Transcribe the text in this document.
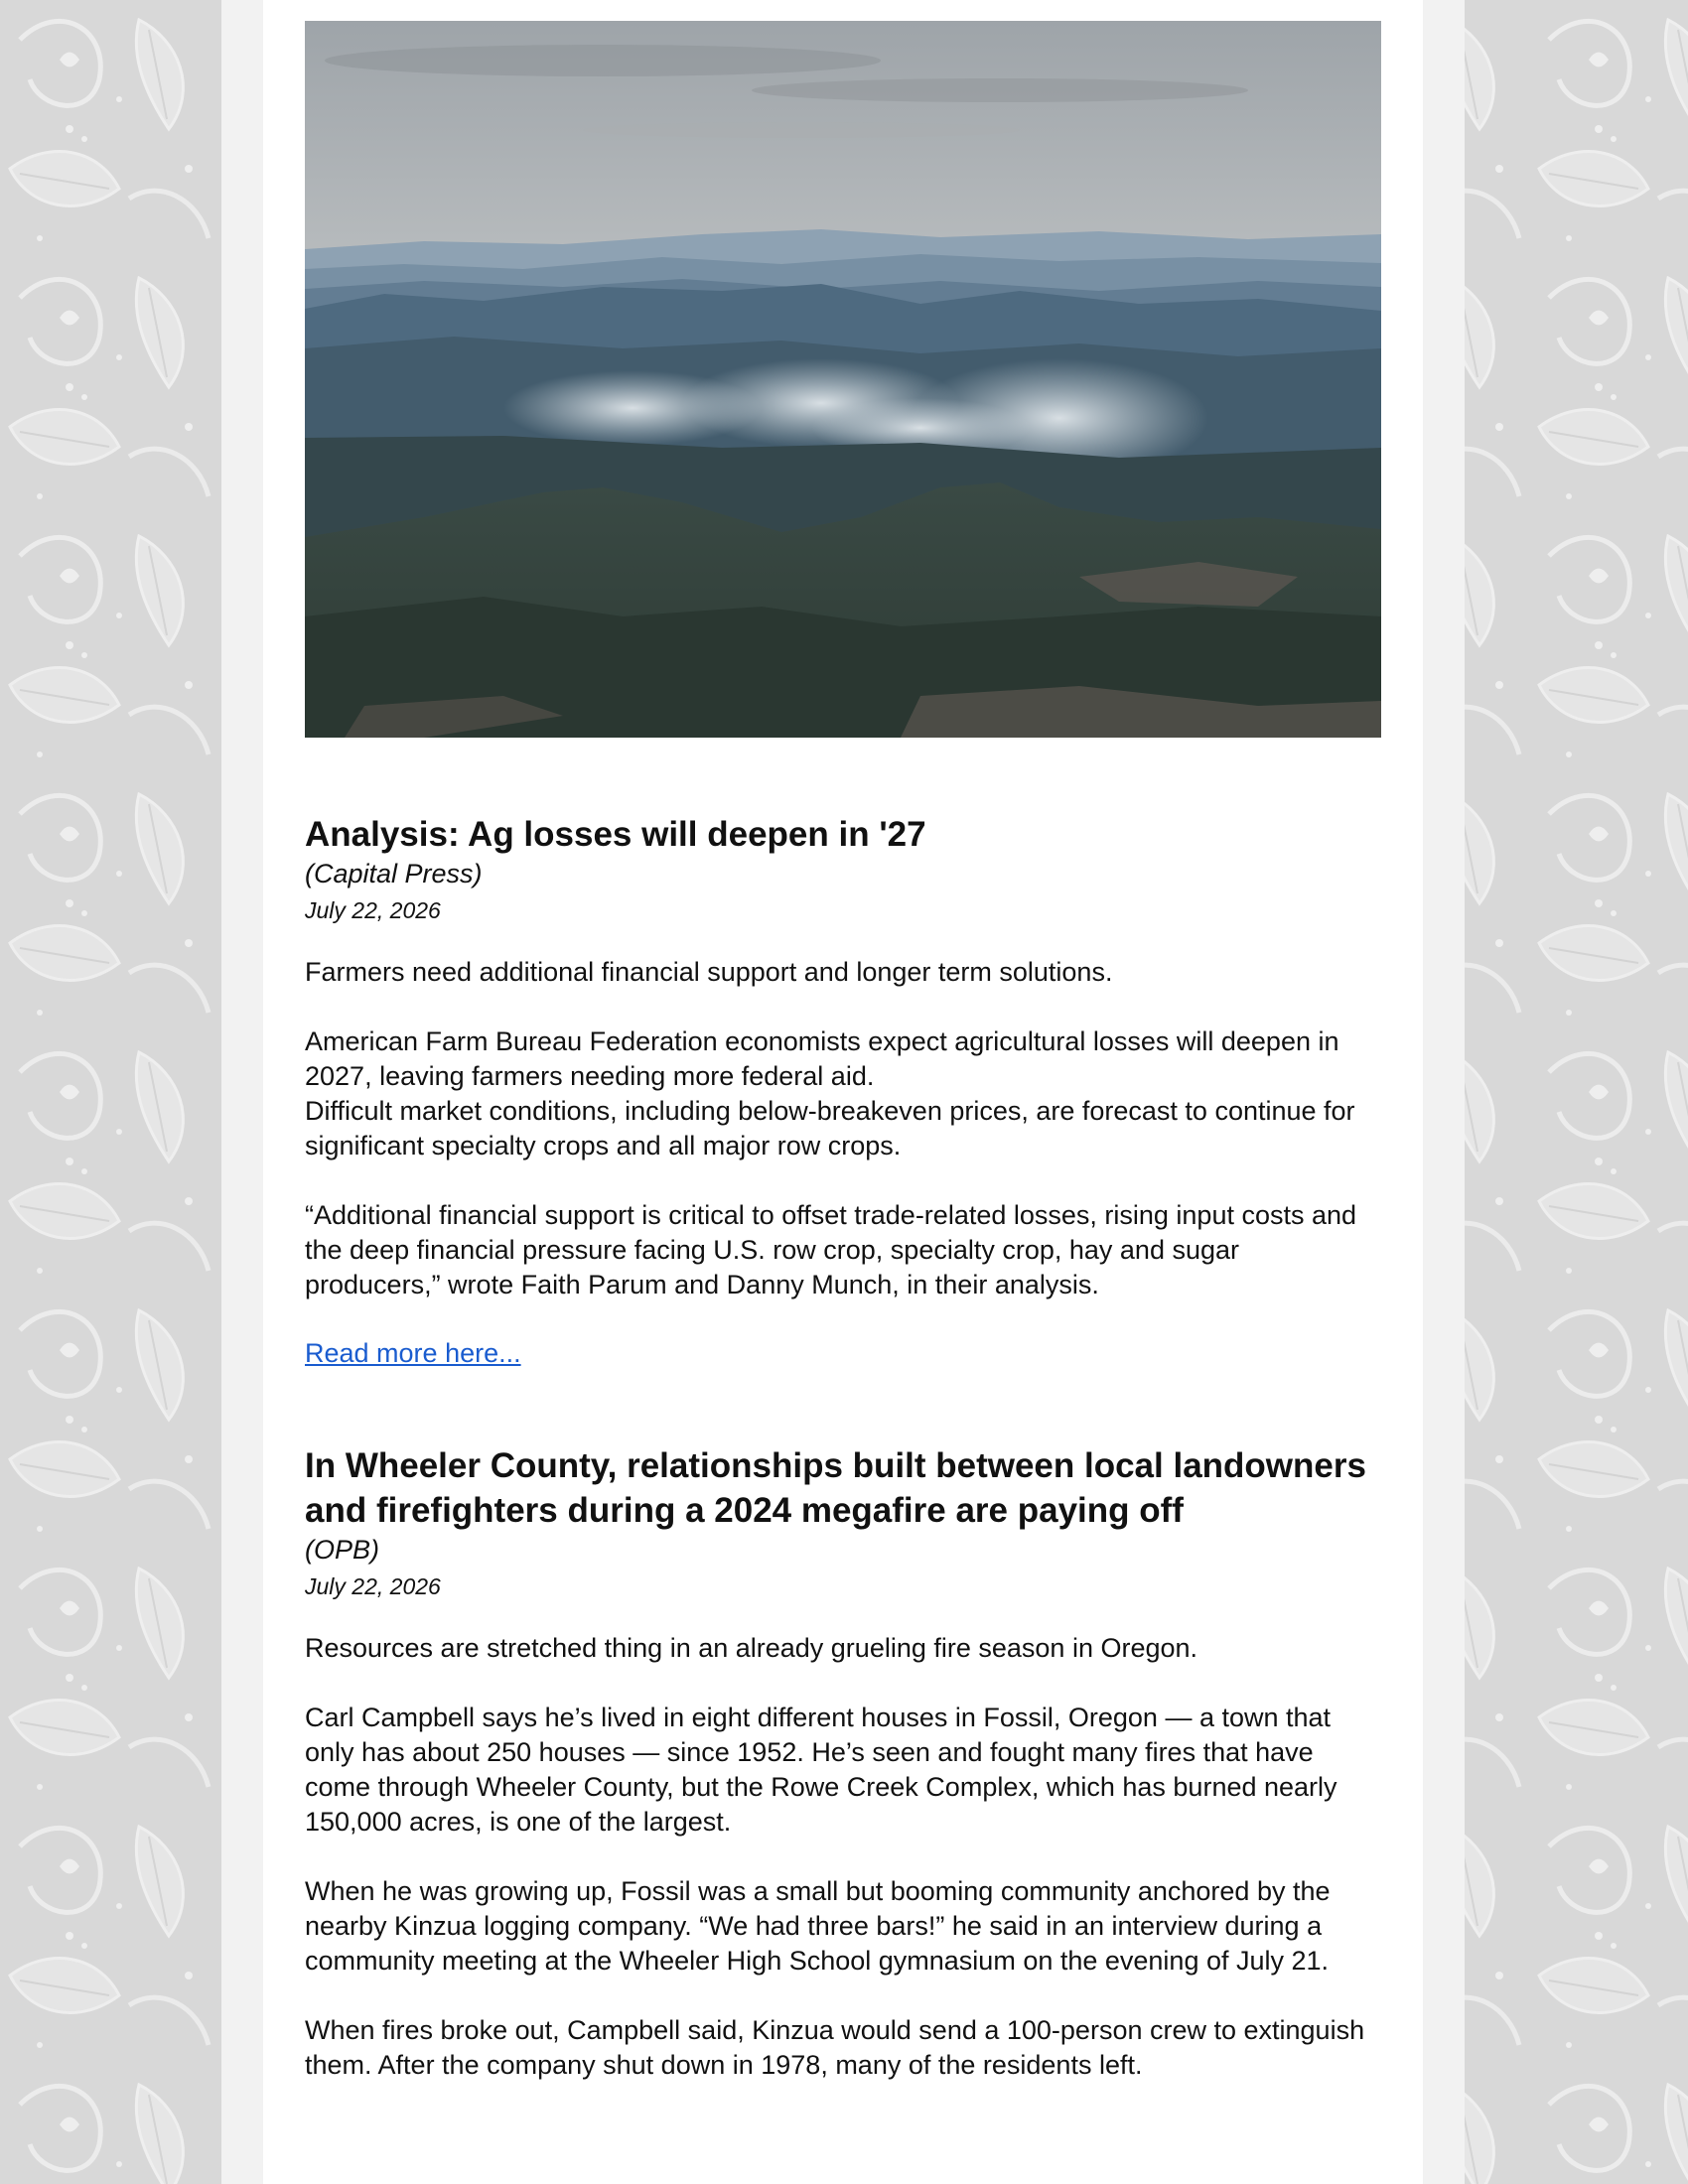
Analysis: Ag losses will deepen in '27

(Capital Press)

July 22, 2026

Farmers need additional financial support and longer term solutions.

American Farm Bureau Federation economists expect agricultural losses will deepen in 2027, leaving farmers needing more federal aid.

Difficult market conditions, including below-breakeven prices, are forecast to continue for significant specialty crops and all major row crops.

“Additional financial support is critical to offset trade-related losses, rising input costs and the deep financial pressure facing U.S. row crop, specialty crop, hay and sugar producers,” wrote Faith Parum and Danny Munch, in their analysis.

Read more here...

In Wheeler County, relationships built between local landowners and firefighters during a 2024 megafire are paying off

(OPB)

July 22, 2026

Resources are stretched thing in an already grueling fire season in Oregon.

Carl Campbell says he’s lived in eight different houses in Fossil, Oregon — a town that only has about 250 houses — since 1952. He’s seen and fought many fires that have come through Wheeler County, but the Rowe Creek Complex, which has burned nearly 150,000 acres, is one of the largest.

When he was growing up, Fossil was a small but booming community anchored by the nearby Kinzua logging company. “We had three bars!” he said in an interview during a community meeting at the Wheeler High School gymnasium on the evening of July 21.

When fires broke out, Campbell said, Kinzua would send a 100-person crew to extinguish them. After the company shut down in 1978, many of the residents left.
